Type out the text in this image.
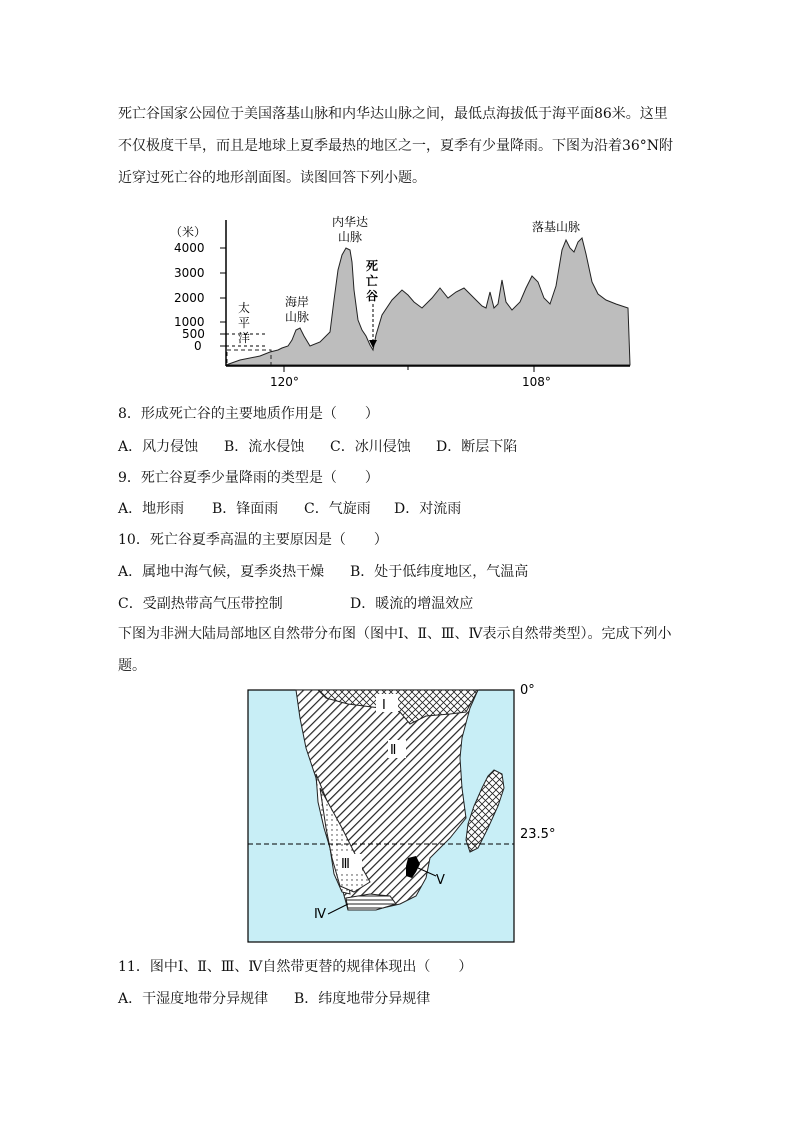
死亡谷国家公园位于美国落基山脉和内华达山脉之间，最低点海拔低于海平面86米。这里不仅极度干旱，而且是地球上夏季最热的地区之一，夏季有少量降雨。下图为沿着36°N附近穿过死亡谷的地形剖面图。读图回答下列小题。
（米）
4000
3000
2000
1000
500
0
120°	108°
太
平
洋
海岸
山脉
内华达
山脉
死
亡
谷
落基山脉
8．形成死亡谷的主要地质作用是（　　）
A．风力侵蚀 B．流水侵蚀 C．冰川侵蚀 D．断层下陷
9．死亡谷夏季少量降雨的类型是（　　）
A．地形雨 B．锋面雨 C．气旋雨 D．对流雨
10．死亡谷夏季高温的主要原因是（　　）
A．属地中海气候，夏季炎热干燥 B．处于低纬度地区，气温高
C．受副热带高气压带控制	D．暖流的增温效应
下图为非洲大陆局部地区自然带分布图（图中Ⅰ、Ⅱ、Ⅲ、Ⅳ表示自然带类型）。完成下列小题。
0°
23.5°
Ⅰ
Ⅱ
Ⅲ
Ⅳ
Ⅴ
11．图中Ⅰ、Ⅱ、Ⅲ、Ⅳ自然带更替的规律体现出（　　）
A．干湿度地带分异规律 B．纬度地带分异规律
